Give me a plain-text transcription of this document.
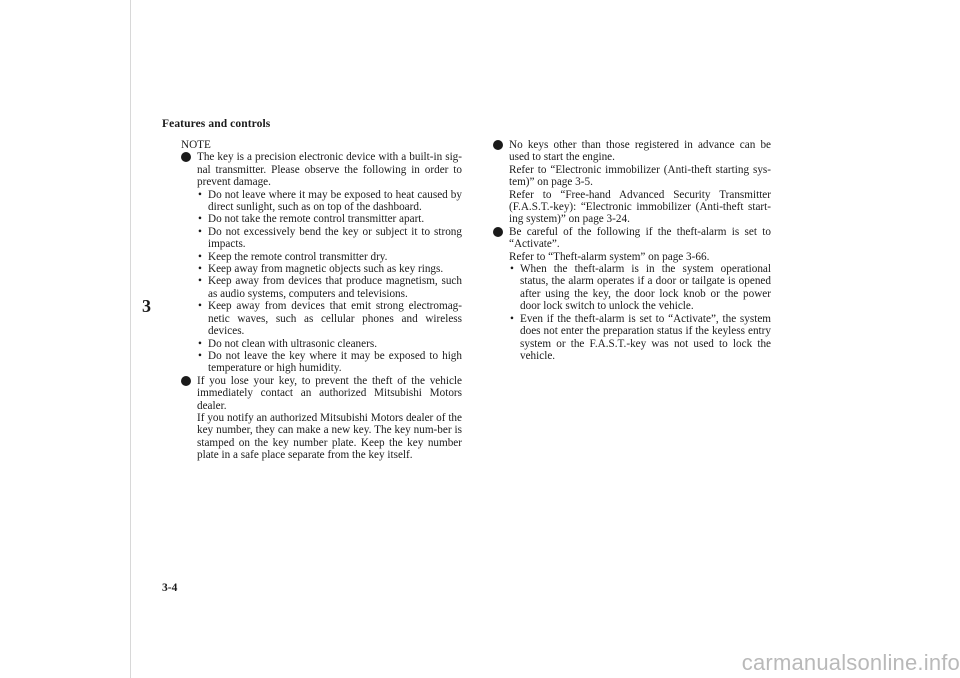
Features and controls
3
NOTE

The key is a precision electronic device with a built-in sig-nal transmitter. Please observe the following in order to prevent damage.

• Do not leave where it may be exposed to heat caused by direct sunlight, such as on top of the dashboard.

• Do not take the remote control transmitter apart.

• Do not excessively bend the key or subject it to strong impacts.

• Keep the remote control transmitter dry.

• Keep away from magnetic objects such as key rings.

• Keep away from devices that produce magnetism, such as audio systems, computers and televisions.

• Keep away from devices that emit strong electromag-netic waves, such as cellular phones and wireless devices.

• Do not clean with ultrasonic cleaners.

• Do not leave the key where it may be exposed to high temperature or high humidity.

If you lose your key, to prevent the theft of the vehicle immediately contact an authorized Mitsubishi Motors dealer.

If you notify an authorized Mitsubishi Motors dealer of the key number, they can make a new key. The key num-ber is stamped on the key number plate. Keep the key number plate in a safe place separate from the key itself.

No keys other than those registered in advance can be used to start the engine.

Refer to “Electronic immobilizer (Anti-theft starting sys-tem)” on page 3-5.

Refer to “Free-hand Advanced Security Transmitter (F.A.S.T.-key): “Electronic immobilizer (Anti-theft start-ing system)” on page 3-24.

Be careful of the following if the theft-alarm is set to “Activate”.

Refer to “Theft-alarm system” on page 3-66.

• When the theft-alarm is in the system operational status, the alarm operates if a door or tailgate is opened after using the key, the door lock knob or the power door lock switch to unlock the vehicle.

• Even if the theft-alarm is set to “Activate”, the system does not enter the preparation status if the keyless entry system or the F.A.S.T.-key was not used to lock the vehicle.

3-4
carmanualsonline.info
